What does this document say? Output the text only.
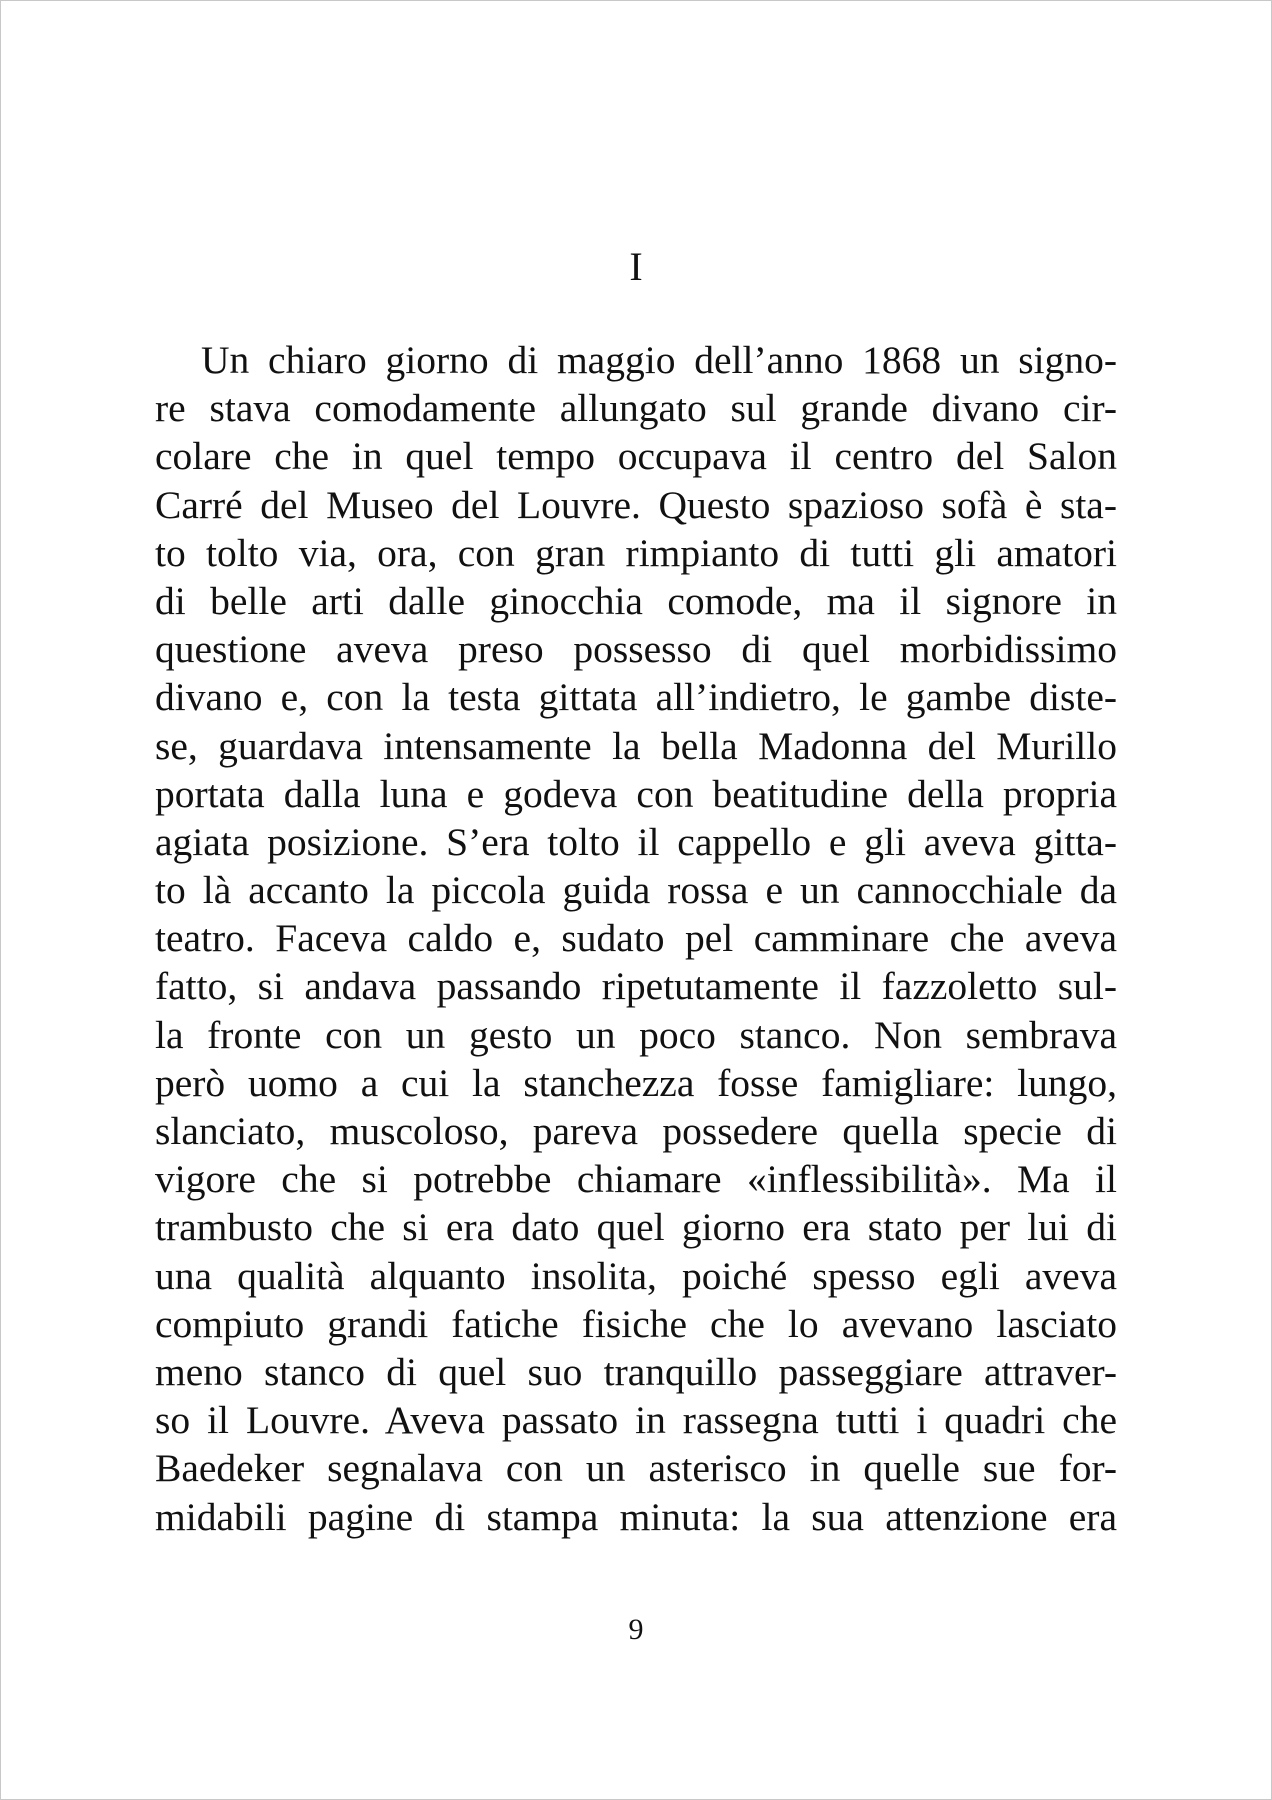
I
Un chiaro giorno di maggio dell’anno 1868 un signo-
re stava comodamente allungato sul grande divano cir-
colare che in quel tempo occupava il centro del Salon
Carré del Museo del Louvre. Questo spazioso sofà è sta-
to tolto via, ora, con gran rimpianto di tutti gli amatori
di belle arti dalle ginocchia comode, ma il signore in
questione aveva preso possesso di quel morbidissimo
divano e, con la testa gittata all’indietro, le gambe diste-
se, guardava intensamente la bella Madonna del Murillo
portata dalla luna e godeva con beatitudine della propria
agiata posizione. S’era tolto il cappello e gli aveva gitta-
to là accanto la piccola guida rossa e un cannocchiale da
teatro. Faceva caldo e, sudato pel camminare che aveva
fatto, si andava passando ripetutamente il fazzoletto sul-
la fronte con un gesto un poco stanco. Non sembrava
però uomo a cui la stanchezza fosse famigliare: lungo,
slanciato, muscoloso, pareva possedere quella specie di
vigore che si potrebbe chiamare «inflessibilità». Ma il
trambusto che si era dato quel giorno era stato per lui di
una qualità alquanto insolita, poiché spesso egli aveva
compiuto grandi fatiche fisiche che lo avevano lasciato
meno stanco di quel suo tranquillo passeggiare attraver-
so il Louvre. Aveva passato in rassegna tutti i quadri che
Baedeker segnalava con un asterisco in quelle sue for-
midabili pagine di stampa minuta: la sua attenzione era
9
